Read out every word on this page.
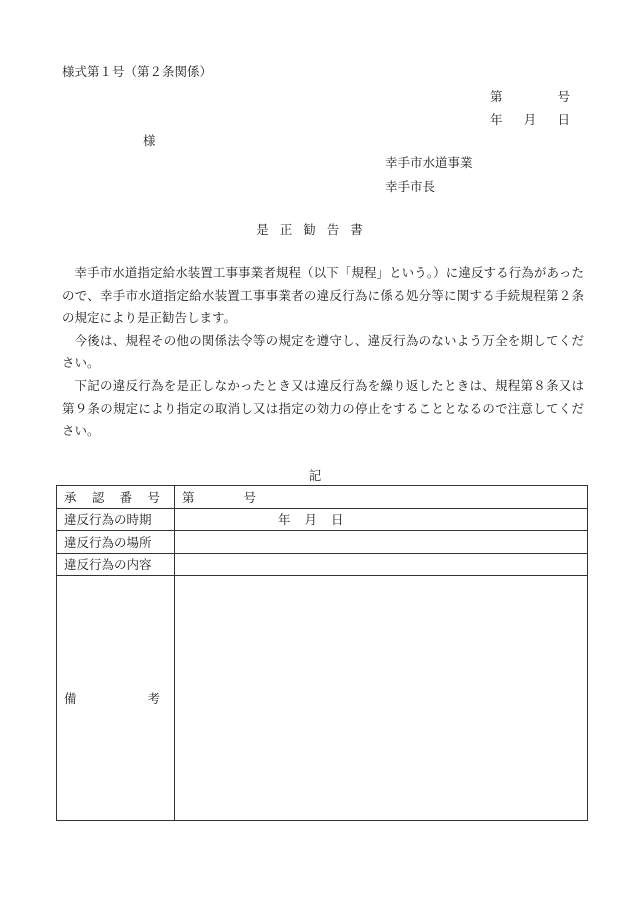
様式第１号（第２条関係）
第	号
年 月 日
様
幸手市水道事業
幸手市長
是正勧告書

幸手市水道指定給水装置工事事業者規程（以下「規程」という。）に違反する行為があったので、幸手市水道指定給水装置工事事業者の違反行為に係る処分等に関する手続規程第２条の規定により是正勧告します。

今後は、規程その他の関係法令等の規定を遵守し、違反行為のないよう万全を期してください。

下記の違反行為を是正しなかったとき又は違反行為を繰り返したときは、規程第８条又は第９条の規定により指定の取消し又は指定の効力の停止をすることとなるので注意してください。

記
承 認 番 号	第 号

違反行為の時期	年 月 日

違反行為の場所	
違反行為の内容	

備 考	
